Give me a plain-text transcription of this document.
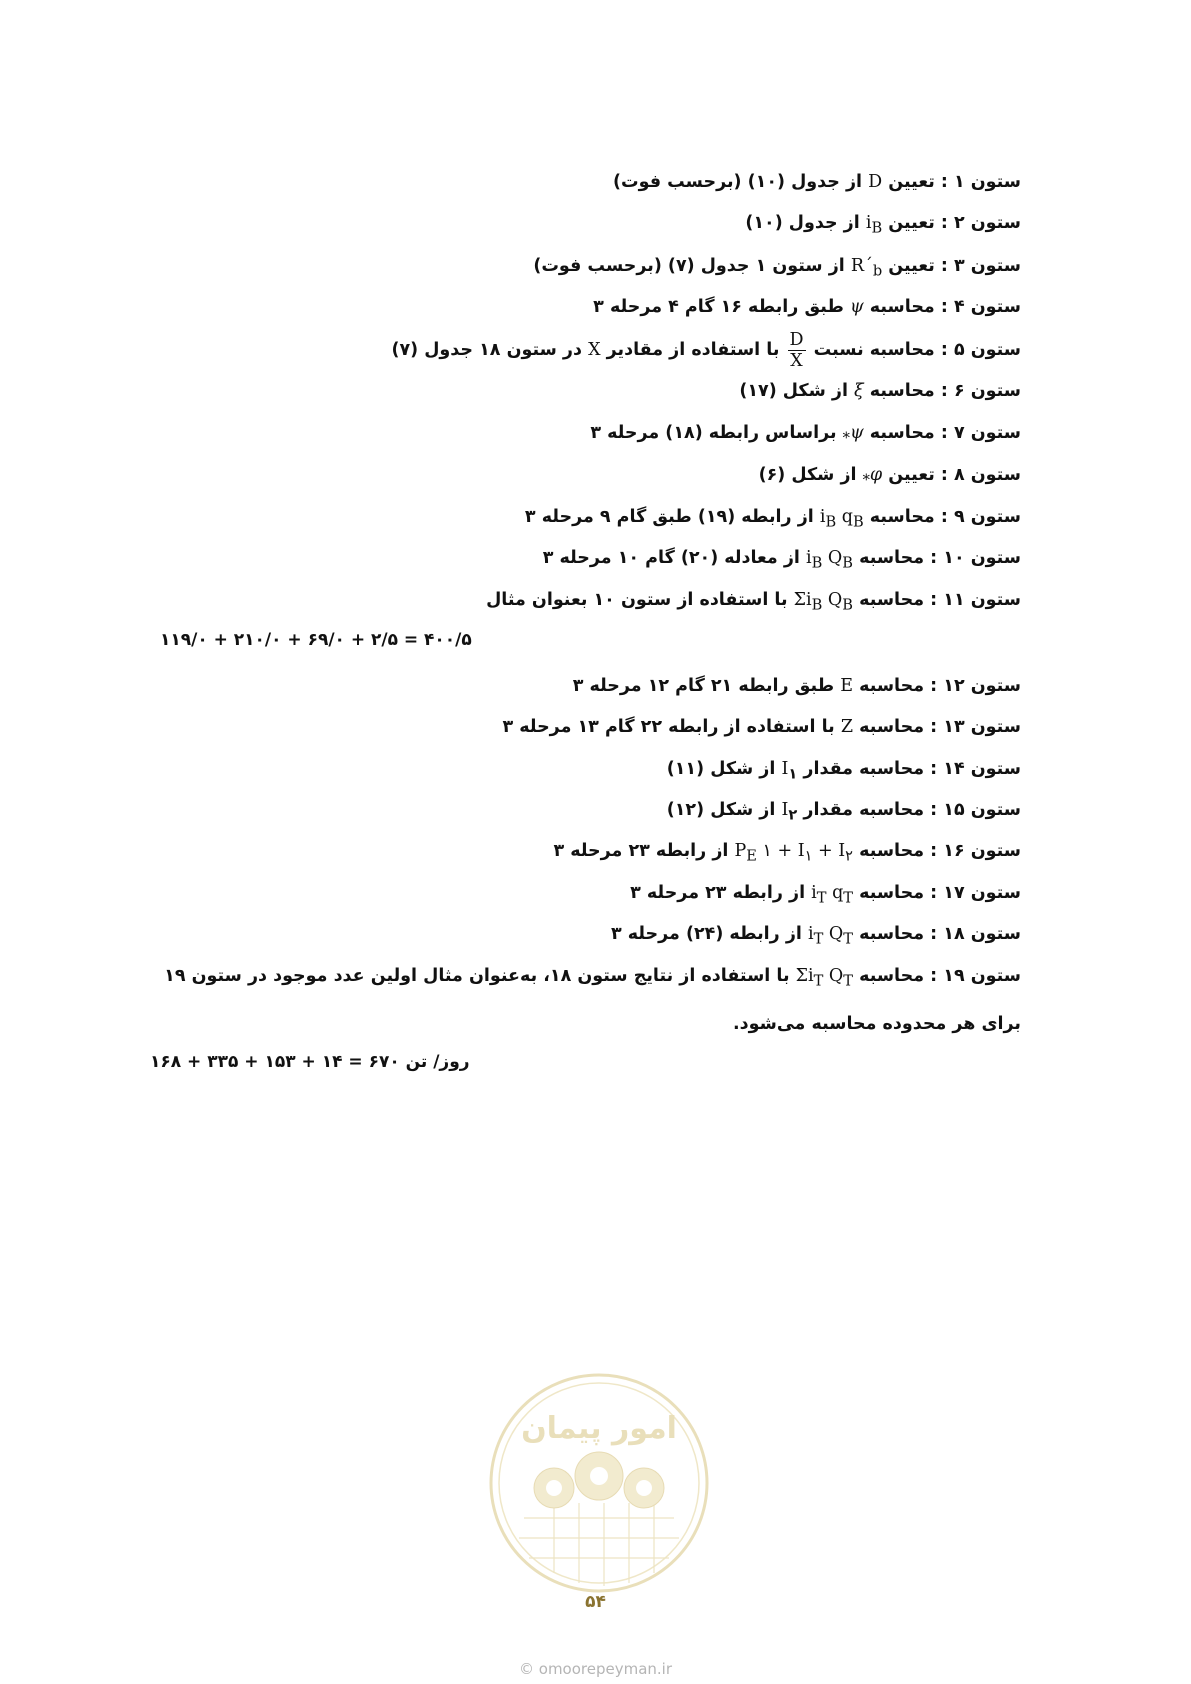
ستون ۱ : تعیین D از جدول (۱۰) (برحسب فوت)
ستون ۲ : تعیین $i_B$ از جدول (۱۰)
ستون ۳ : تعیین $R´_b$ از ستون ۱ جدول (۷) (برحسب فوت)
ستون ۴ : محاسبه ψ طبق رابطه ۱۶ گام ۴ مرحله ۳
ستون ۵ : محاسبه نسبت
$\frac{D}{X}$
با استفاده از مقادیر X در ستون ۱۸ جدول (۷)
ستون ۶ : محاسبه ξ از شکل (۱۷)
ستون ۷ : محاسبه $\psi_*$ براساس رابطه (۱۸) مرحله ۳
ستون ۸ : تعیین $\varphi_*$ از شکل (۶)
ستون ۹ : محاسبه $i_B$ $q_B$ از رابطه (۱۹) طبق گام ۹ مرحله ۳
ستون ۱۰ : محاسبه $i_B$ $Q_B$ از معادله (۲۰) گام ۱۰ مرحله ۳
ستون ۱۱ : محاسبه $\Sigma i_B$ $Q_B$ با استفاده از ستون ۱۰ بعنوان مثال
۱۱۹/۰ + ۲۱۰/۰ + ۶۹/۰ + ۲/۵ = ۴۰۰/۵
ستون ۱۲ : محاسبه E طبق رابطه ۲۱ گام ۱۲ مرحله ۳
ستون ۱۳ : محاسبه Z با استفاده از رابطه ۲۲ گام ۱۳ مرحله ۳
ستون ۱۴ : محاسبه مقدار $I_۱$ از شکل (۱۱)
ستون ۱۵ : محاسبه مقدار $I_۲$ از شکل (۱۲)
ستون ۱۶ : محاسبه $P_E$ ۱ + $I_۱ + I_۲$ از رابطه ۲۳ مرحله ۳
ستون ۱۷ : محاسبه $i_T$ $q_T$ از رابطه ۲۳ مرحله ۳
ستون ۱۸ : محاسبه $i_T$ $Q_T$ از رابطه (۲۴) مرحله ۳
ستون ۱۹ : محاسبه $\Sigma i_T$ $Q_T$ با استفاده از نتایج ستون ۱۸، به‌عنوان مثال اولین عدد موجود در ستون ۱۹ برای هر محدوده محاسبه می‌شود.
روز/ تن ۶۷۰ = ۱۴ + ۱۵۳ + ۳۳۵ + ۱۶۸
امور پیمان
۵۴
© omoorepeyman.ir
